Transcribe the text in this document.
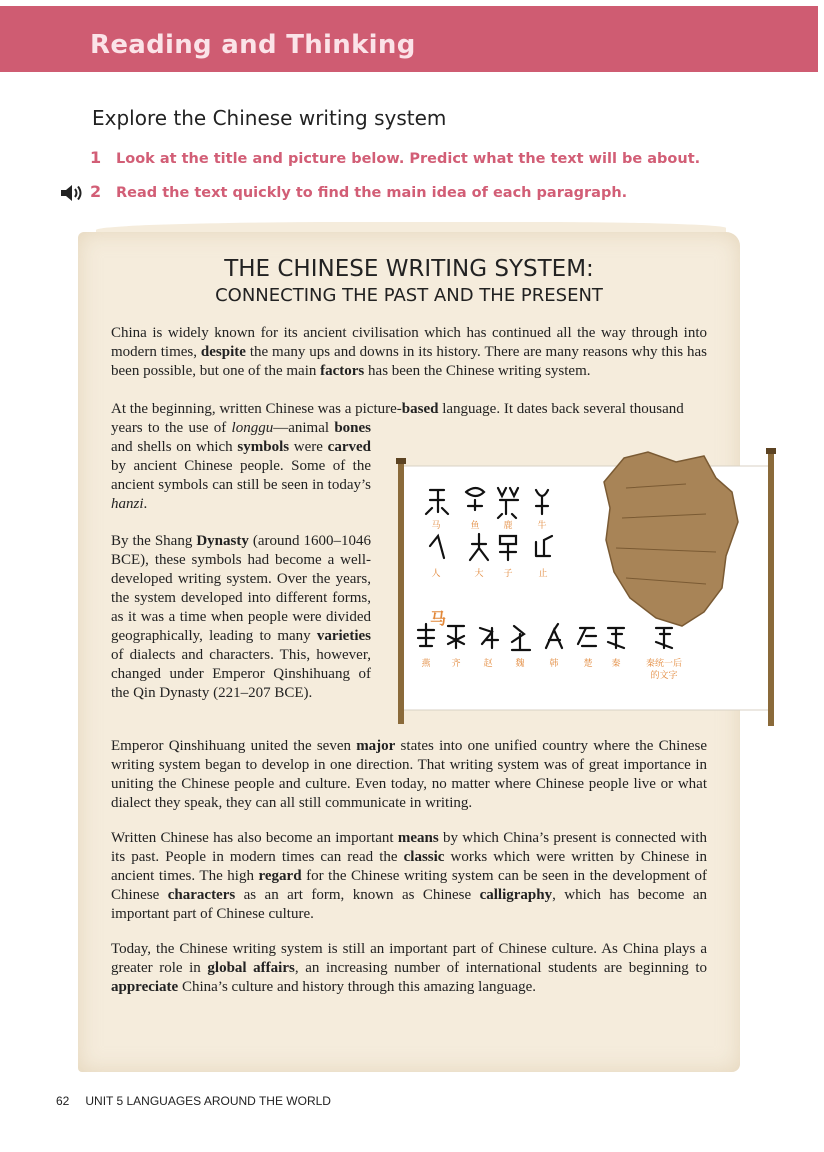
Reading and Thinking
Explore the Chinese writing system
1 Look at the title and picture below. Predict what the text will be about.
2 Read the text quickly to find the main idea of each paragraph.
THE CHINESE WRITING SYSTEM:
CONNECTING THE PAST AND THE PRESENT

China is widely known for its ancient civilisation which has continued all the way through into modern times, despite the many ups and downs in its history. There are many reasons why this has been possible, but one of the main factors has been the Chinese writing system.

At the beginning, written Chinese was a picture-based language. It dates back several thousand

years to the use of longgu—animal bones and shells on which symbols were carved by ancient Chinese people. Some of the ancient symbols can still be seen in today’s hanzi.

By the Shang Dynasty (around 1600–1046 BCE), these symbols had become a well-developed writing system. Over the years, the system developed into different forms, as it was a time when people were divided geographically, leading to many varieties of dialects and characters. This, however, changed under Emperor Qinshihuang of the Qin Dynasty (221–207 BCE).

马	鱼	鹿	牛
人	大 子	止
马
燕 齐	赵	魏	韩	楚 秦	秦统一后
的文字

Emperor Qinshihuang united the seven major states into one unified country where the Chinese writing system began to develop in one direction. That writing system was of great importance in uniting the Chinese people and culture. Even today, no matter where Chinese people live or what dialect they speak, they can all still communicate in writing.

Written Chinese has also become an important means by which China’s present is connected with its past. People in modern times can read the classic works which were written by Chinese in ancient times. The high regard for the Chinese writing system can be seen in the development of Chinese characters as an art form, known as Chinese calligraphy, which has become an important part of Chinese culture.

Today, the Chinese writing system is still an important part of Chinese culture. As China plays a greater role in global affairs, an increasing number of international students are beginning to appreciate China’s culture and history through this amazing language.

62 UNIT 5 LANGUAGES AROUND THE WORLD
